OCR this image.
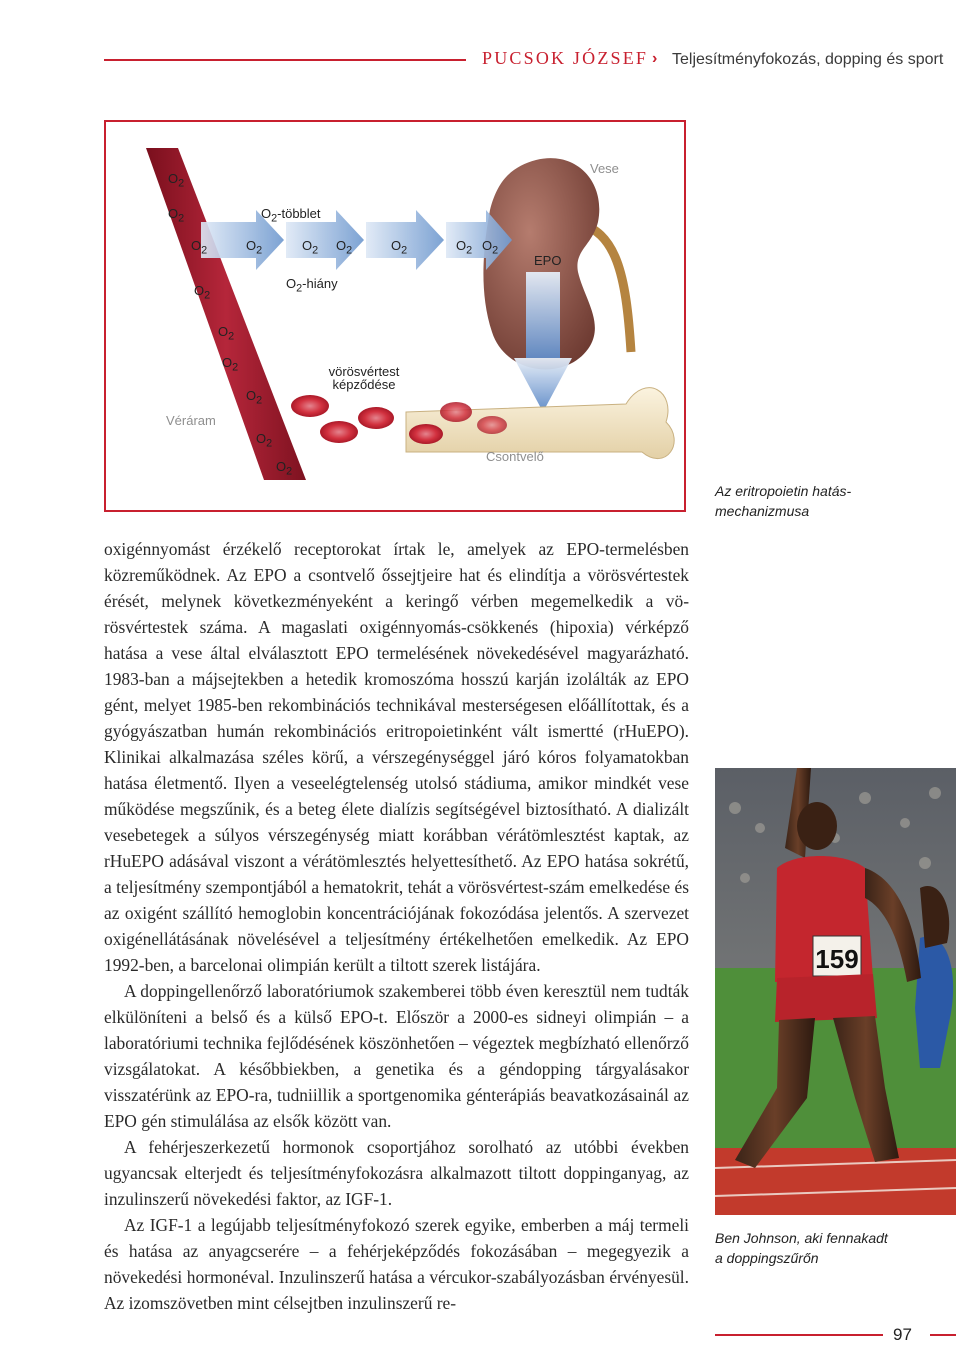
PUCSOK JÓZSEF › Teljesítményfokozás, dopping és sport
$O_2$
$O_2$
$O_2$
$O_2$
$O_2$
$O_2$
$O_2$
$O_2$
$O_2$
$O_2$	$O_2$ $O_2$	$O_2$	$O_2$ $O_2$
$O_2$-többlet
$O_2$-hiány
Vese
EPO
vörösvértest
képződése
Véráram
Csontvelő
Az eritropoietin hatás-
mechanizmusa

oxigénnyomást érzékelő receptorokat írtak le, amelyek az EPO-termelésben közreműködnek. Az EPO a csontvelő őssejtjeire hat és elindítja a vörösvértestek érését, melynek következményeként a keringő vérben megemelkedik a vörösvértestek száma. A magaslati oxigénnyomás-csökkenés (hipoxia) vérképző hatása a vese által elválasztott EPO termelésének növekedésével magyarázható. 1983-ban a májsejtekben a hetedik kromoszóma hosszú karján izolálták az EPO gént, melyet 1985-ben rekombinációs technikával mesterségesen előállítottak, és a gyógyászatban humán rekombinációs eritropoietinként vált ismertté (rHuEPO). Klinikai alkalmazása széles körű, a vérszegénységgel járó kóros folyamatokban hatása életmentő. Ilyen a veseelégtelenség utolsó stádiuma, amikor mindkét vese működése megszűnik, és a beteg élete dialízis segítségével biztosítható. A dializált vesebetegek a súlyos vérszegénység miatt korábban vérátömlesztést kaptak, az rHuEPO adásával viszont a vérátömlesztés helyettesíthető. Az EPO hatása sokrétű, a teljesítmény szempontjából a hematokrit, tehát a vörösvértest-szám emelkedése és az oxigént szállító hemoglobin koncentrációjának fokozódása jelentős. A szervezet oxigénellátásának növelésével a teljesítmény értékelhetően emelkedik. Az EPO 1992-ben, a barcelonai olimpián került a tiltott szerek listájára.

A doppingellenőrző laboratóriumok szakemberei több éven keresztül nem tudták elkülöníteni a belső és a külső EPO-t. Először a 2000-es sidneyi olimpián – a laboratóriumi technika fejlődésének köszönhetően – végeztek megbízható ellenőrző vizsgálatokat. A későbbiekben, a genetika és a géndopping tárgyalásakor visszatérünk az EPO-ra, tudniillik a sportgenomika génterápiás beavatkozásainál az EPO gén stimulálása az elsők között van.

A fehérjeszerkezetű hormonok csoportjához sorolható az utóbbi években ugyancsak elterjedt és teljesítményfokozásra alkalmazott tiltott doppinganyag, az inzulinszerű növekedési faktor, az IGF-1.

Az IGF-1 a legújabb teljesítményfokozó szerek egyike, emberben a máj termeli és hatása az anyagcserére – a fehérjeképződés fokozásában – megegyezik a növekedési hormonéval. Inzulinszerű hatása a vércukor-szabályozásban érvényesül. Az izomszövetben mint célsejtben inzulinszerű re-

159
Ben Johnson, aki fennakadt
a doppingszűrőn
97
